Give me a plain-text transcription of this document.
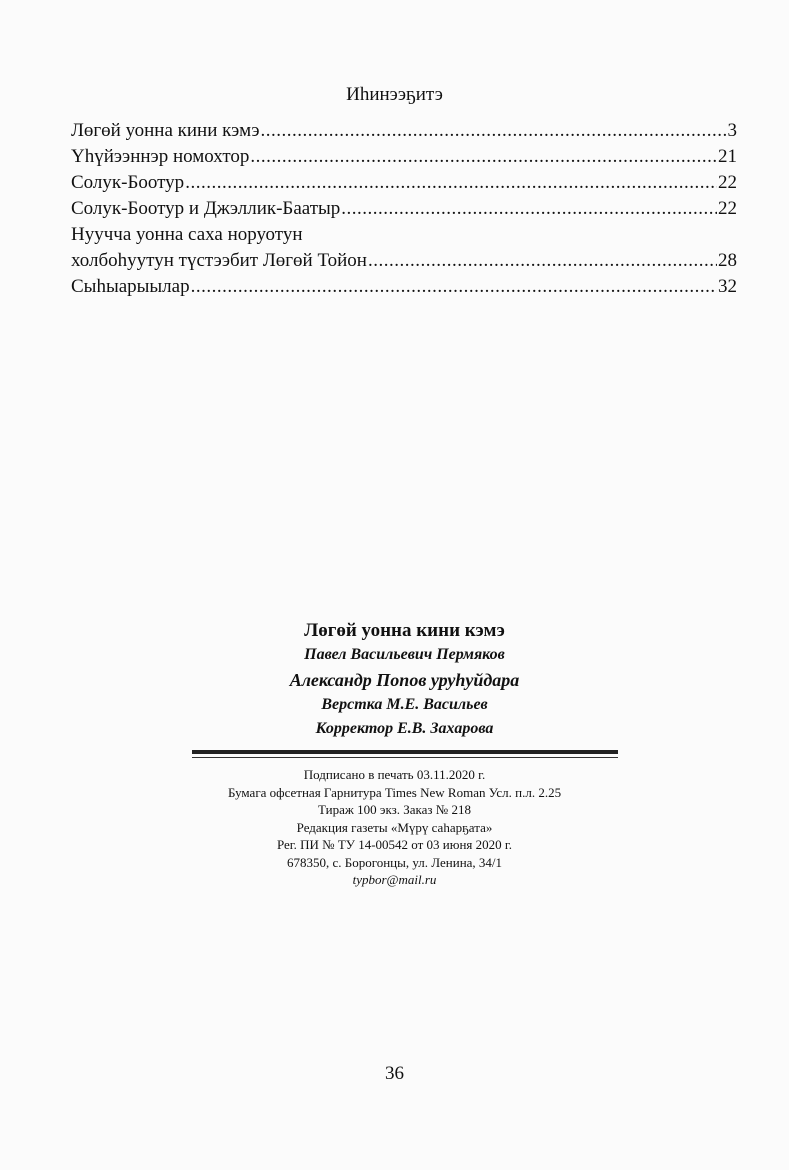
Иhинээҕитэ
Лөгөй уонна кини кэмэ .....	3
Үhүйээннэр номохтор .....	21
Солук-Боотур .....	22
Солук-Боотур и Джэллик-Баатыр .....	22
Нуучча уонна саха норуотун
холбоhуутун түстээбит Лөгөй Тойон .....	28
Сыhыарыылар .....	32
Лөгөй уонна кини кэмэ
Павел Васильевич Пермяков
Александр Попов уруhуйдара
Верстка М.Е. Васильев
Корректор Е.В. Захарова
Подписано в печать 03.11.2020 г.
Бумага офсетная Гарнитура Times New Roman Усл. п.л. 2.25
Тираж 100 экз. Заказ № 218
Редакция газеты «Мүрү саhарҕата»
Рег. ПИ № ТУ 14-00542 от 03 июня 2020 г.
678350, с. Борогонцы, ул. Ленина, 34/1
typbor@mail.ru
36
